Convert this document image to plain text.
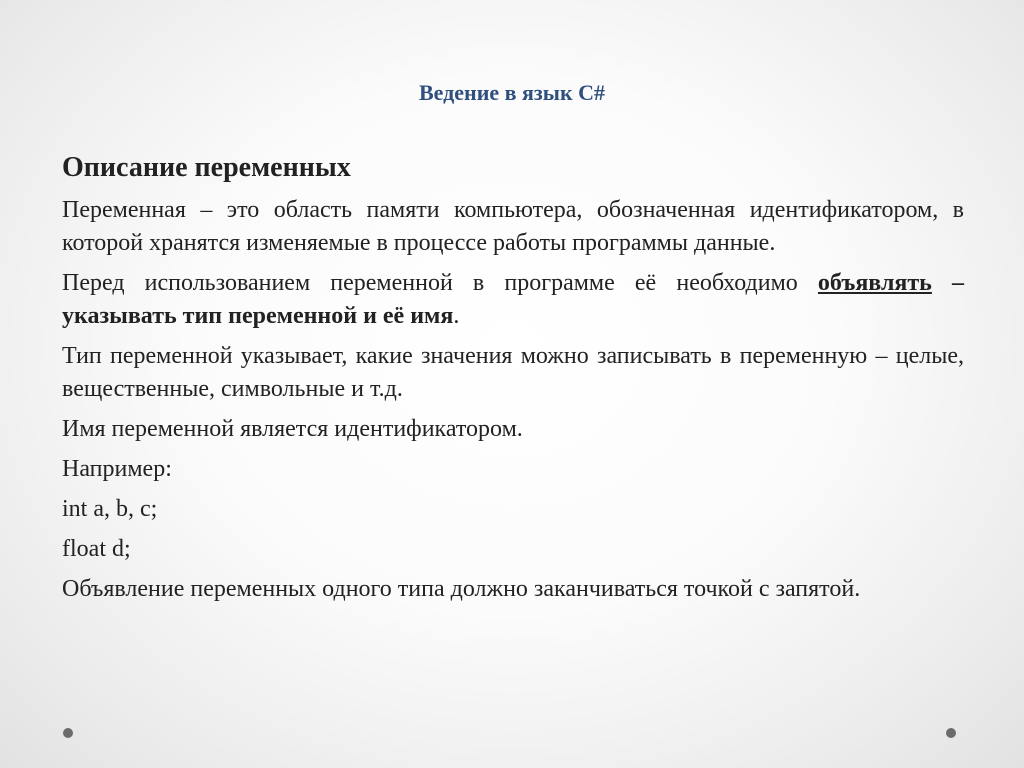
Ведение в язык С#
Описание переменных
Переменная – это область памяти компьютера, обозначенная идентификатором, в которой хранятся изменяемые в процессе работы программы данные.
Перед использованием переменной в программе её необходимо объявлять – указывать тип переменной и её имя.
Тип переменной указывает, какие значения можно записывать в переменную – целые, вещественные, символьные и т.д.
Имя переменной является идентификатором.
Например:
int a, b, c;
float d;
Объявление переменных одного типа должно заканчиваться точкой с запятой.
